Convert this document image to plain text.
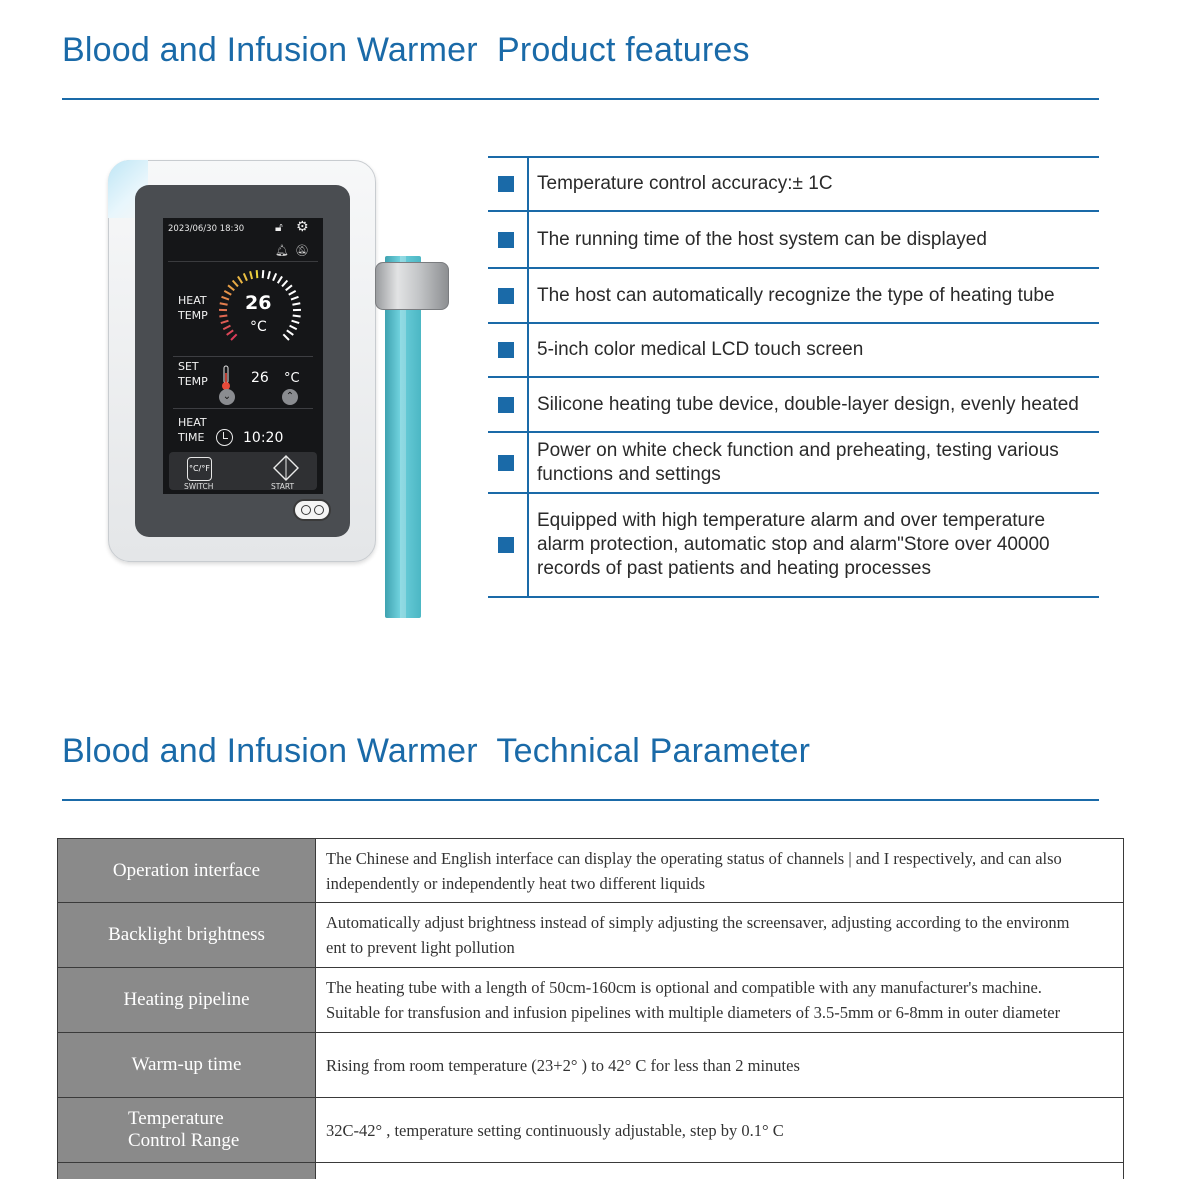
Blood and Infusion Warmer  Product features
2023/06/30 18:30	🔓︎ ⚙
🔔︎ 🔕︎
HEAT
TEMP
26
°C
SET
TEMP	26 °C
⌄	⌃
HEAT
TIME	10:20
°C/°F
SWITCH	START
Temperature control accuracy:± 1C
The running time of the host system can be displayed
The host can automatically recognize the type of heating tube
5-inch color medical LCD touch screen
Silicone heating tube device, double-layer design, evenly heated
Power on white check function and preheating, testing various functions and settings
Equipped with high temperature alarm and over temperature alarm protection, automatic stop and alarm"Store over 40000 records of past patients and heating processes
Blood and Infusion Warmer  Technical Parameter
Operation interface	The Chinese and English interface can display the operating status of channels | and I respectively, and can also
independently or independently heat two different liquids

Backlight brightness	Automatically adjust brightness instead of simply adjusting the screensaver, adjusting according to the environm
ent to prevent light pollution

Heating pipeline	The heating tube with a length of 50cm-160cm is optional and compatible with any manufacturer's machine.
Suitable for transfusion and infusion pipelines with multiple diameters of 3.5-5mm or 6-8mm in outer diameter

Warm-up time	Rising from room temperature (23+2° ) to 42° C for less than 2 minutes

Temperature
Control Range	32C-42° , temperature setting continuously adjustable, step by 0.1° C
